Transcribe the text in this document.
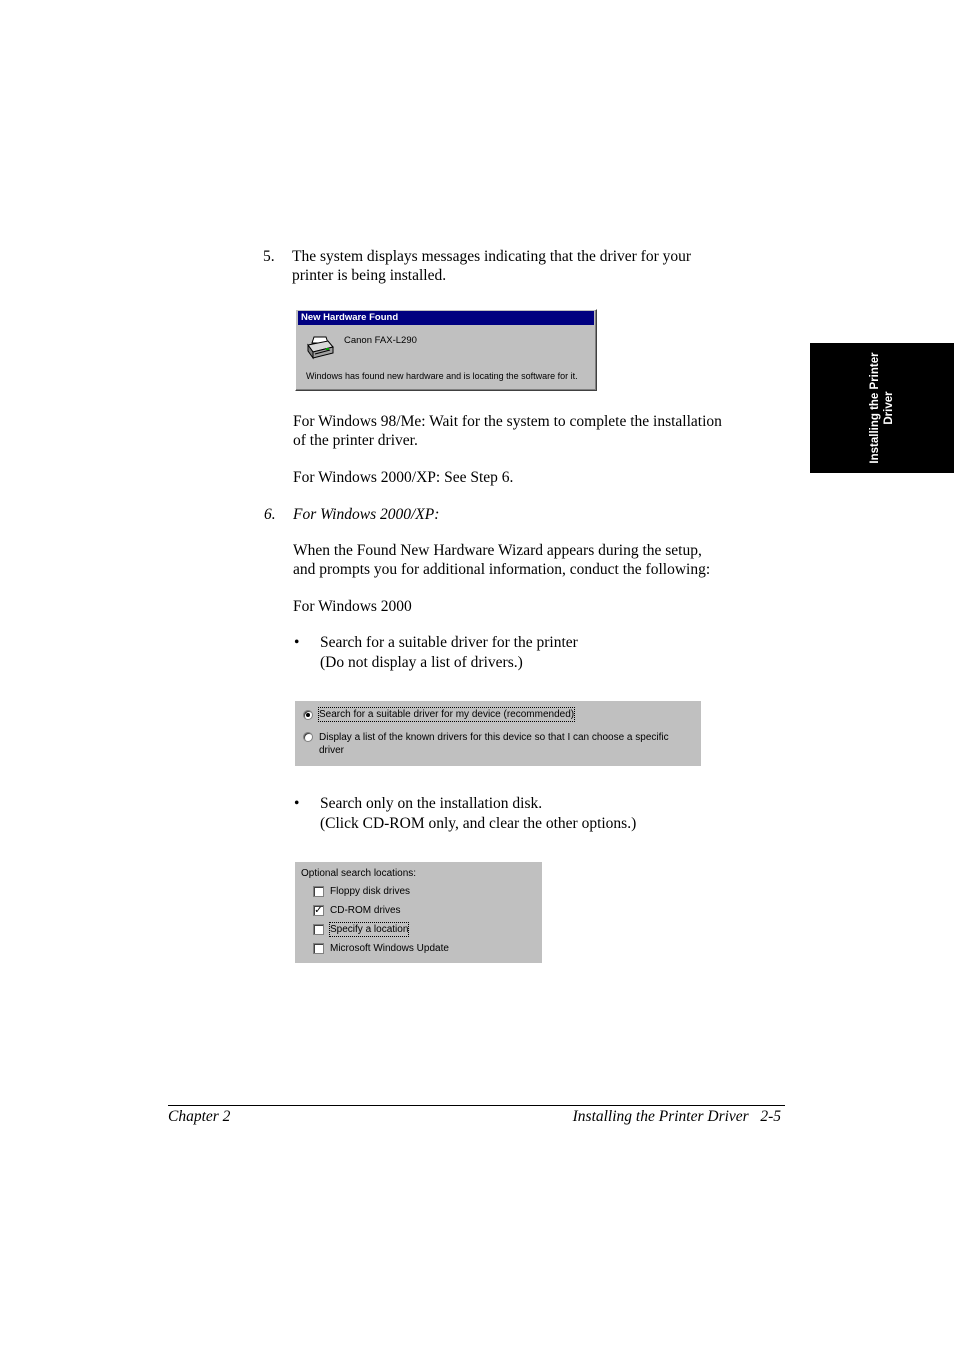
Installing the Printer Driver
5. The system displays messages indicating that the driver for your
printer is being installed.
New Hardware Found
Canon FAX-L290
Windows has found new hardware and is locating the software for it.
For Windows 98/Me: Wait for the system to complete the installation
of the printer driver.
For Windows 2000/XP: See Step 6.
6. For Windows 2000/XP:
When the Found New Hardware Wizard appears during the setup,
and prompts you for additional information, conduct the following:
For Windows 2000
• Search for a suitable driver for the printer
(Do not display a list of drivers.)
Search for a suitable driver for my device (recommended)
Display a list of the known drivers for this device so that I can choose a specific
driver
• Search only on the installation disk.
(Click CD-ROM only, and clear the other options.)
Optional search locations:
Floppy disk drives
✓ CD-ROM drives
Specify a location
Microsoft Windows Update
Chapter 2	Installing the Printer Driver   2-5
